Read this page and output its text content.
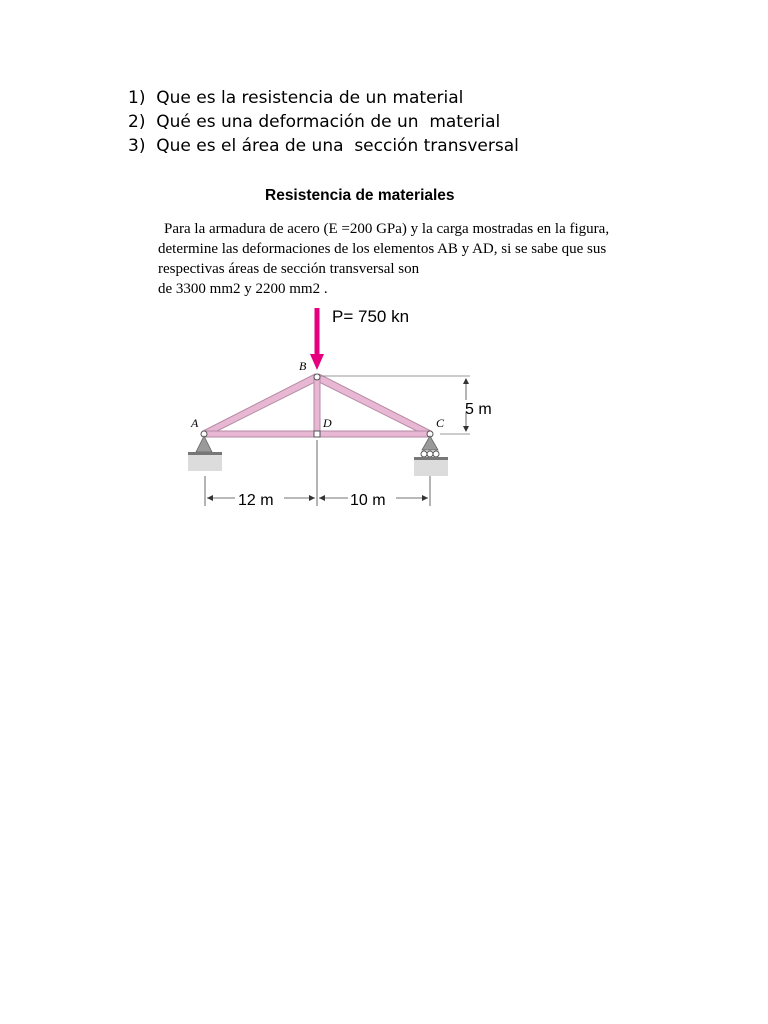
1)  Que es la resistencia de un material
2)  Qué es una deformación de un  material
3)  Que es el área de una  sección transversal
Resistencia de materiales

Para la armadura de acero (E =200 GPa) y la carga mostradas en la figura,
determine las deformaciones de los elementos AB y AD, si se sabe que sus
respectivas áreas de sección transversal son
de 3300 mm2 y 2200 mm2 .

P= 750 kn
A
B
C
D
5 m
12 m	10 m
